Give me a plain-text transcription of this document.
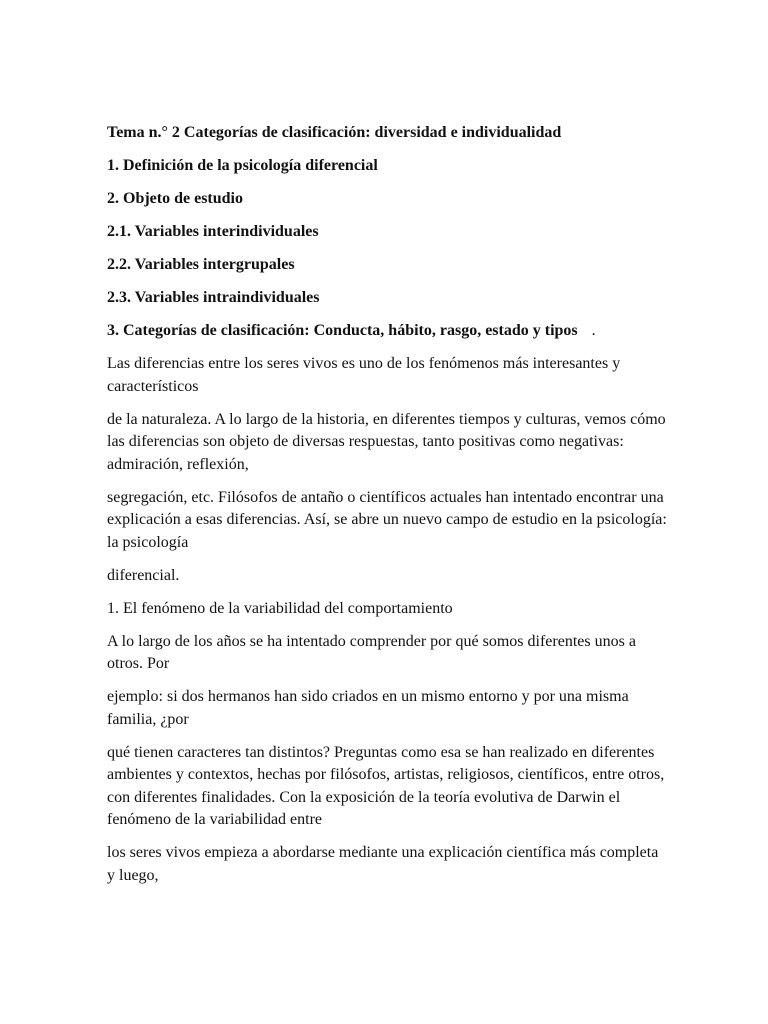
Tema n.° 2 Categorías de clasificación: diversidad e individualidad

1. Definición de la psicología diferencial

2. Objeto de estudio

2.1. Variables interindividuales

2.2. Variables intergrupales

2.3. Variables intraindividuales

3. Categorías de clasificación: Conducta, hábito, rasgo, estado y tipos .

Las diferencias entre los seres vivos es uno de los fenómenos más interesantes y característicos

de la naturaleza. A lo largo de la historia, en diferentes tiempos y culturas, vemos cómo las diferencias son objeto de diversas respuestas, tanto positivas como negativas: admiración, reflexión,

segregación, etc. Filósofos de antaño o científicos actuales han intentado encontrar una explicación a esas diferencias. Así, se abre un nuevo campo de estudio en la psicología: la psicología

diferencial.

1. El fenómeno de la variabilidad del comportamiento

A lo largo de los años se ha intentado comprender por qué somos diferentes unos a otros. Por

ejemplo: si dos hermanos han sido criados en un mismo entorno y por una misma familia, ¿por

qué tienen caracteres tan distintos? Preguntas como esa se han realizado en diferentes ambientes y contextos, hechas por filósofos, artistas, religiosos, científicos, entre otros, con diferentes finalidades. Con la exposición de la teoría evolutiva de Darwin el fenómeno de la variabilidad entre

los seres vivos empieza a abordarse mediante una explicación científica más completa y luego,
